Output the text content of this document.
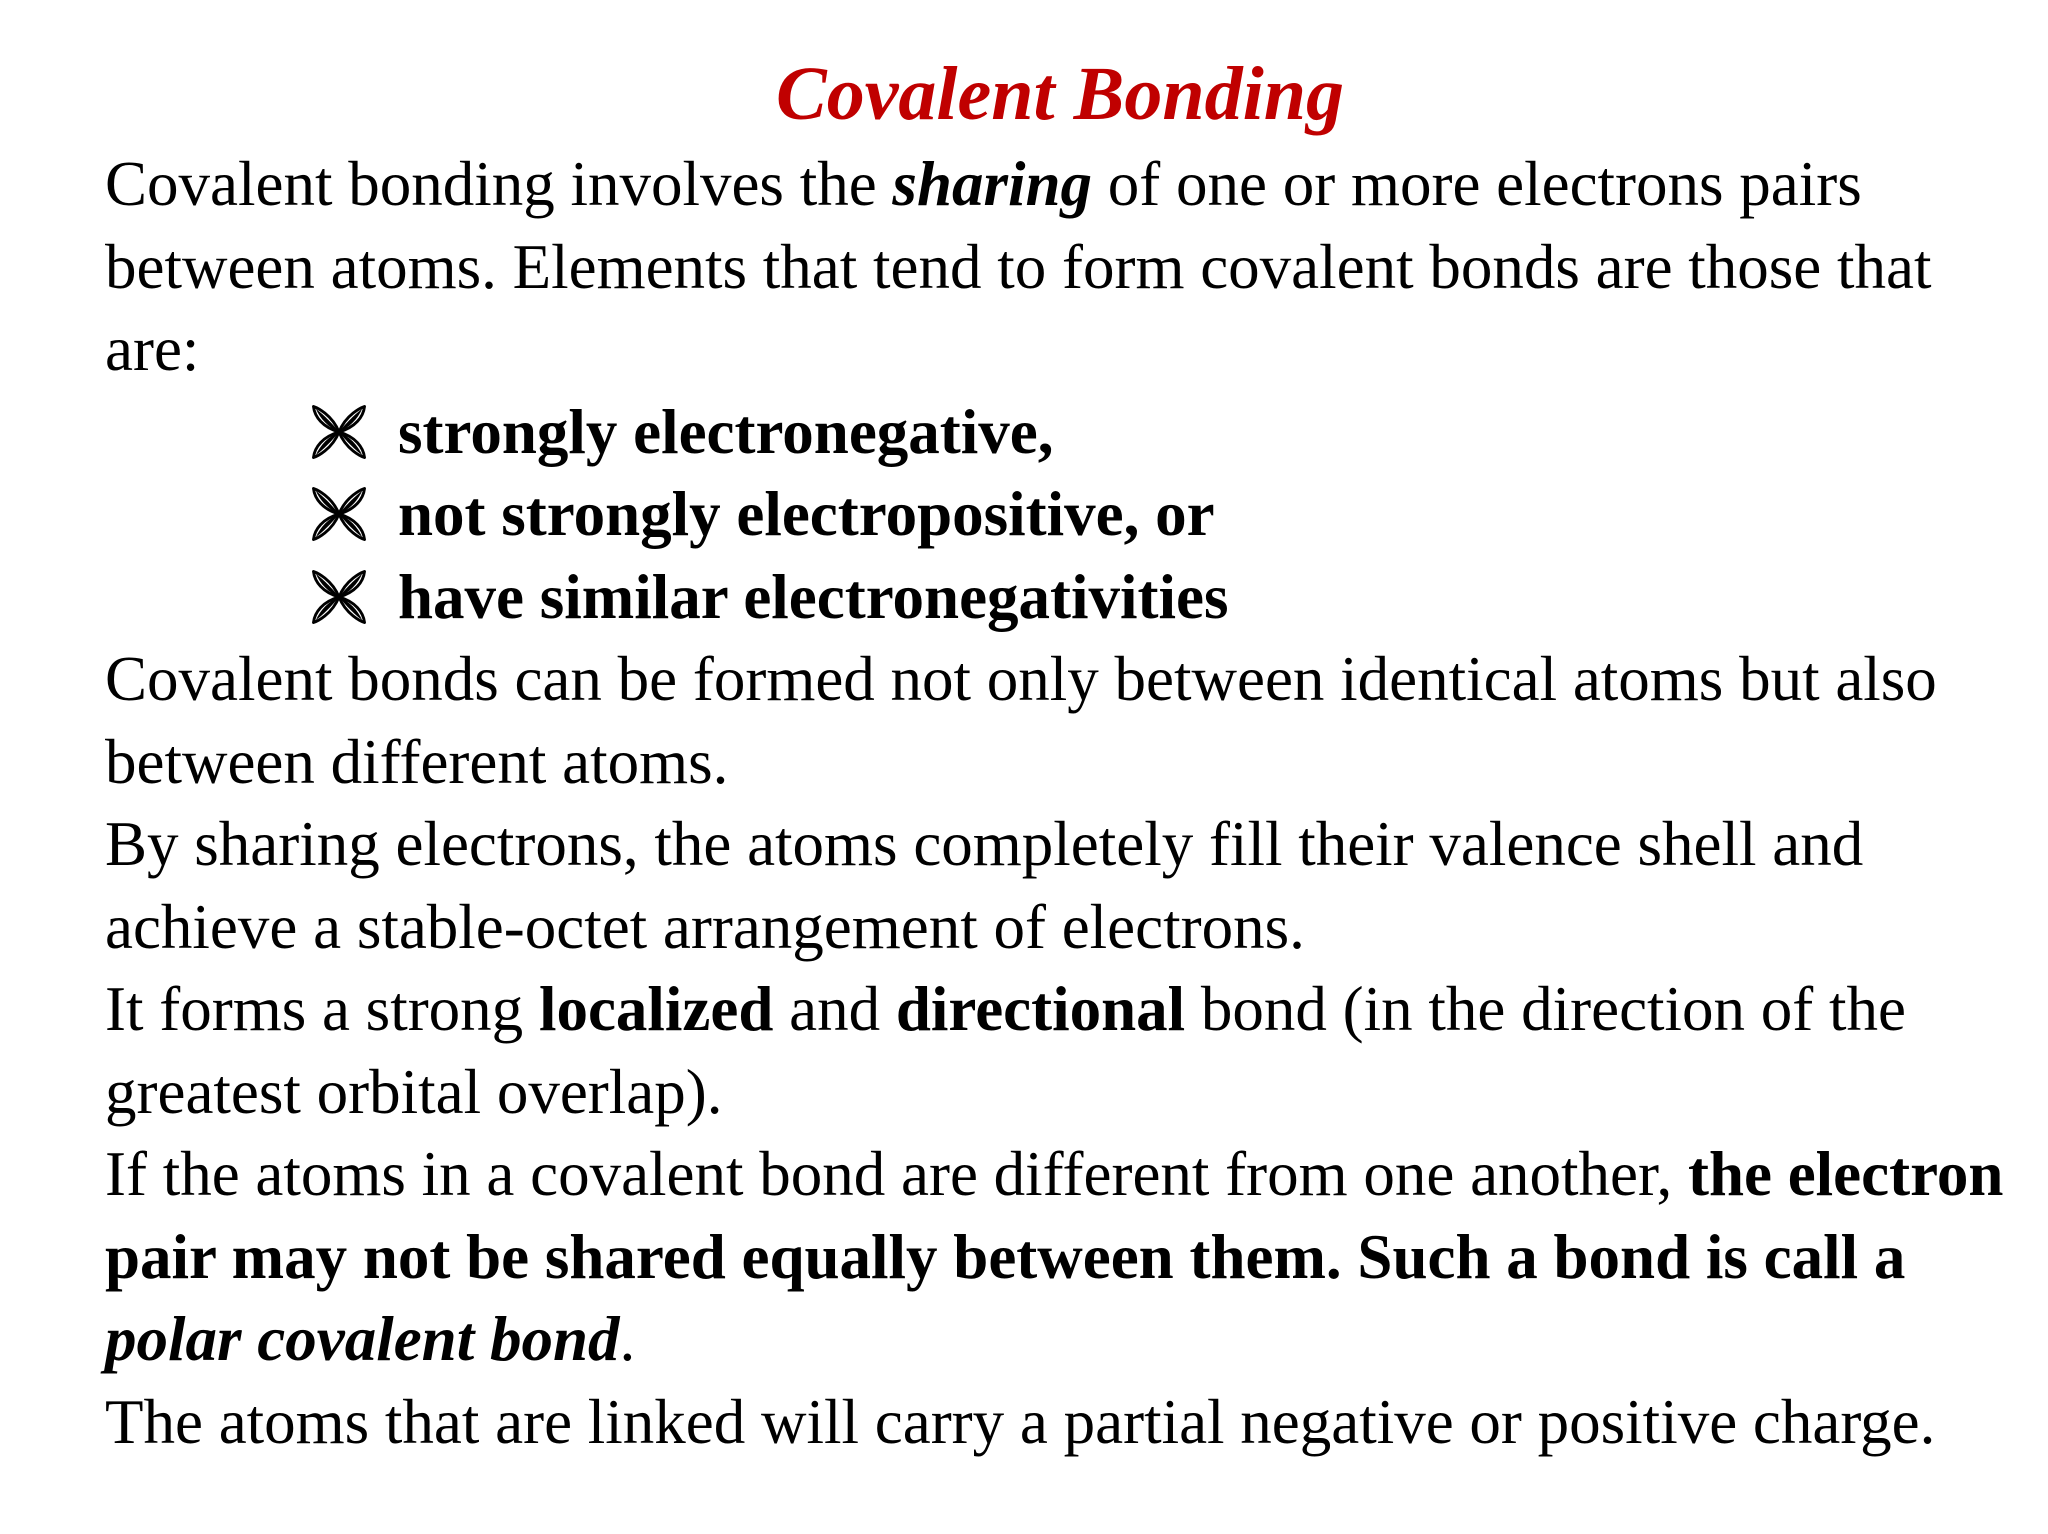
Covalent Bonding

Covalent bonding involves the sharing of one or more electrons pairs between atoms. Elements that tend to form covalent bonds are those that are:

strongly electronegative,
not strongly electropositive, or
have similar electronegativities

Covalent bonds can be formed not only between identical atoms but also between different atoms.

By sharing electrons, the atoms completely fill their valence shell and achieve a stable-octet arrangement of electrons.

It forms a strong localized and directional bond (in the direction of the greatest orbital overlap).

If the atoms in a covalent bond are different from one another, the electron pair may not be shared equally between them. Such a bond is call a polar covalent bond.

The atoms that are linked will carry a partial negative or positive charge.
